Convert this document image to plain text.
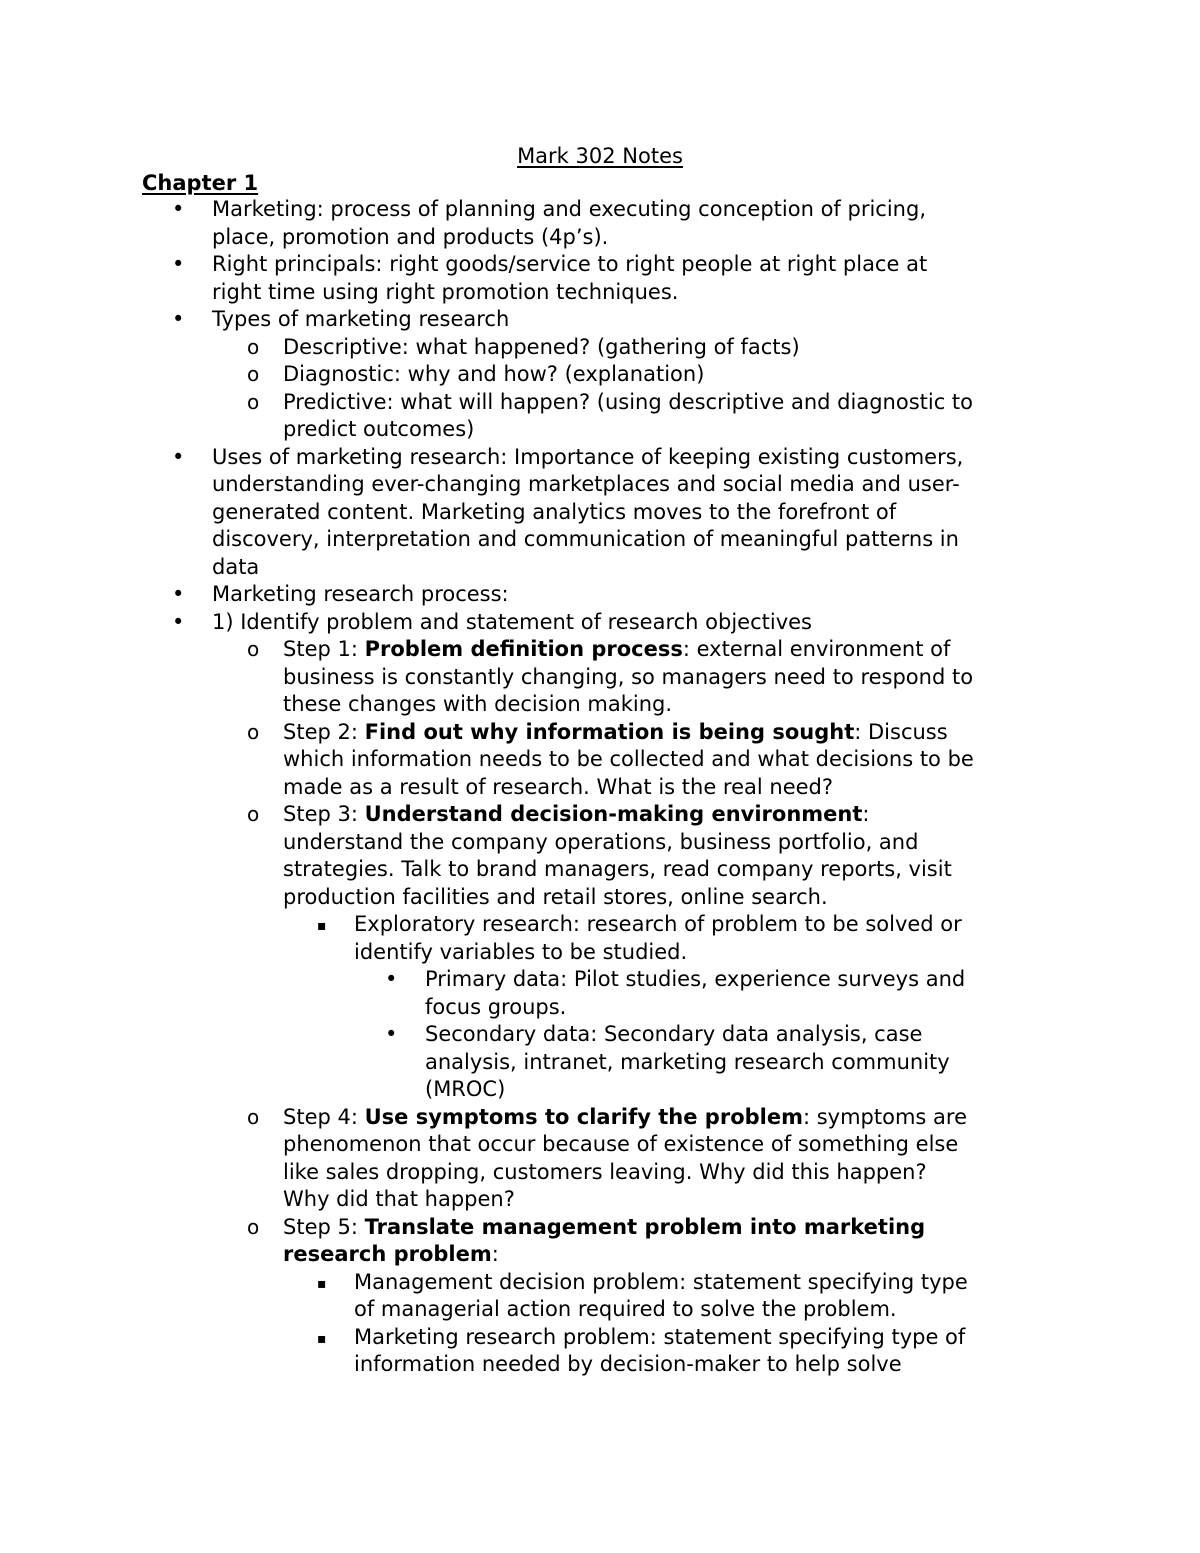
Mark 302 Notes
Chapter 1
• Marketing: process of planning and executing conception of pricing,
place, promotion and products (4p’s).
• Right principals: right goods/service to right people at right place at
right time using right promotion techniques.
• Types of marketing research
o Descriptive: what happened? (gathering of facts)
o Diagnostic: why and how? (explanation)
o Predictive: what will happen? (using descriptive and diagnostic to
predict outcomes)
• Uses of marketing research: Importance of keeping existing customers,
understanding ever-changing marketplaces and social media and user-
generated content. Marketing analytics moves to the forefront of
discovery, interpretation and communication of meaningful patterns in
data
• Marketing research process:
• 1) Identify problem and statement of research objectives
o Step 1: Problem definition process: external environment of
business is constantly changing, so managers need to respond to
these changes with decision making.
o Step 2: Find out why information is being sought: Discuss
which information needs to be collected and what decisions to be
made as a result of research. What is the real need?
o Step 3: Understand decision-making environment:
understand the company operations, business portfolio, and
strategies. Talk to brand managers, read company reports, visit
production facilities and retail stores, online search.
▪ Exploratory research: research of problem to be solved or
identify variables to be studied.
• Primary data: Pilot studies, experience surveys and
focus groups.
• Secondary data: Secondary data analysis, case
analysis, intranet, marketing research community
(MROC)
o Step 4: Use symptoms to clarify the problem: symptoms are
phenomenon that occur because of existence of something else
like sales dropping, customers leaving. Why did this happen?
Why did that happen?
o Step 5: Translate management problem into marketing
research problem:
▪ Management decision problem: statement specifying type
of managerial action required to solve the problem.
▪ Marketing research problem: statement specifying type of
information needed by decision-maker to help solve
